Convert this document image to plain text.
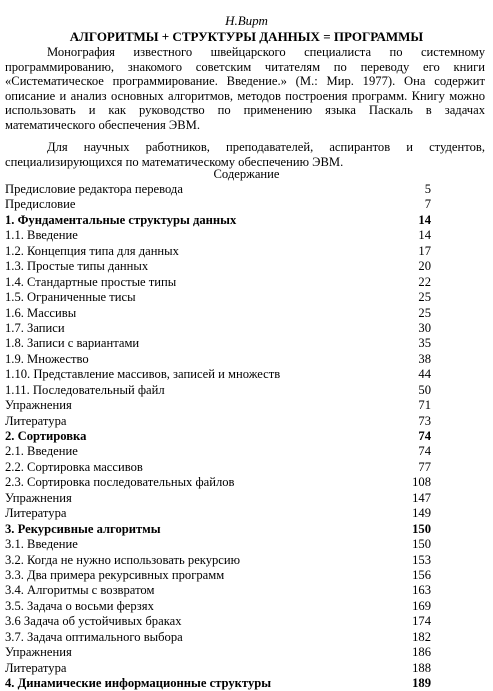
Н.Вирт
АЛГОРИТМЫ + СТРУКТУРЫ ДАННЫХ = ПРОГРАММЫ

Монография известного швейцарского специалиста по системному программированию, знакомого советским читателям по переводу его книги «Систематическое программирование. Введение.» (М.: Мир. 1977). Она содержит описание и анализ основных алгоритмов, методов построения программ. Книгу можно использовать и как руководство по применению языка Паскаль в задачах математического обеспечения ЭВМ.

Для научных работников, преподавателей, аспирантов и студентов, специализирующихся по математическому обеспечению ЭВМ.

Содержание
Предисловие редактора перевода	5
Предисловие	7
1. Фундаментальные структуры данных	14
1.1. Введение	14
1.2. Концепция типа для данных	17
1.3. Простые типы данных	20
1.4. Стандартные простые типы	22
1.5. Ограниченные тисы	25
1.6. Массивы	25
1.7. Записи	30
1.8. Записи с вариантами	35
1.9. Множество	38
1.10. Представление массивов, записей и множеств	44
1.11. Последовательный файл	50
Упражнения	71
Литература	73
2. Сортировка	74
2.1. Введение	74
2.2. Сортировка массивов	77
2.3. Сортировка последовательных файлов	108
Упражнения	147
Литература	149
3. Рекурсивные алгоритмы	150
3.1. Введение	150
3.2. Когда не нужно использовать рекурсию	153
3.3. Два примера рекурсивных программ	156
3.4. Алгоритмы с возвратом	163
3.5. Задача о восьми ферзях	169
3.6 Задача об устойчивых браках	174
3.7. Задача оптимального выбора	182
Упражнения	186
Литература	188
4. Динамические информационные структуры	189
